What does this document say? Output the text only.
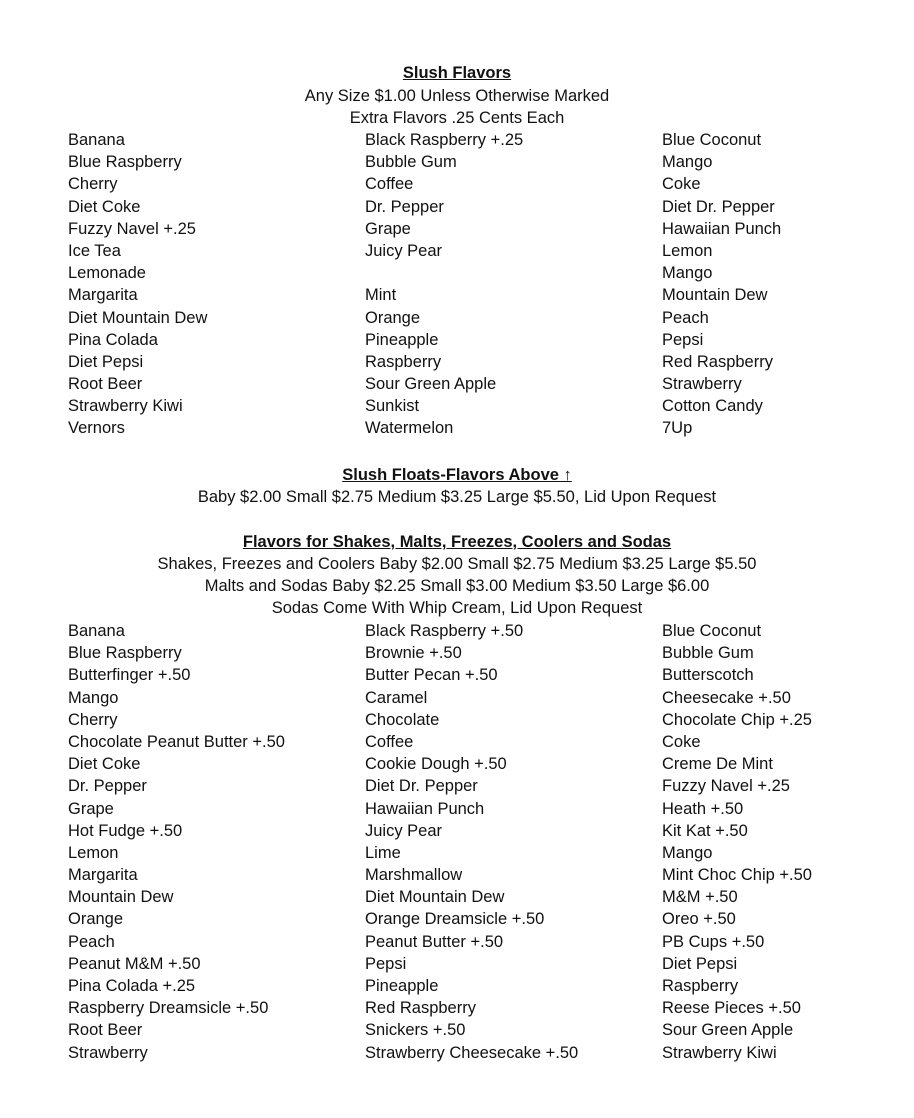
Slush Flavors
Any Size $1.00 Unless Otherwise Marked
Extra Flavors .25 Cents Each
Banana
Blue Raspberry
Cherry
Diet Coke
Fuzzy Navel +.25
Ice Tea
Lemonade
Margarita
Diet Mountain Dew
Pina Colada
Diet Pepsi
Root Beer
Strawberry Kiwi
Vernors
Black Raspberry +.25
Bubble Gum
Coffee
Dr. Pepper
Grape
Juicy Pear
Mint
Orange
Pineapple
Raspberry
Sour Green Apple
Sunkist
Watermelon
Blue Coconut
Mango
Coke
Diet Dr. Pepper
Hawaiian Punch
Lemon
Mango
Mountain Dew
Peach
Pepsi
Red Raspberry
Strawberry
Cotton Candy
7Up
Slush Floats-Flavors Above ↑
Baby $2.00 Small $2.75 Medium $3.25 Large $5.50, Lid Upon Request
Flavors for Shakes, Malts, Freezes, Coolers and Sodas
Shakes, Freezes and Coolers Baby $2.00 Small $2.75 Medium $3.25 Large $5.50
Malts and Sodas Baby $2.25 Small $3.00 Medium $3.50 Large $6.00
Sodas Come With Whip Cream, Lid Upon Request
Banana
Blue Raspberry
Butterfinger +.50
Mango
Cherry
Chocolate Peanut Butter +.50
Diet Coke
Dr. Pepper
Grape
Hot Fudge +.50
Lemon
Margarita
Mountain Dew
Orange
Peach
Peanut M&M +.50
Pina Colada +.25
Raspberry Dreamsicle +.50
Root Beer
Strawberry
Black Raspberry +.50
Brownie +.50
Butter Pecan +.50
Caramel
Chocolate
Coffee
Cookie Dough +.50
Diet Dr. Pepper
Hawaiian Punch
Juicy Pear
Lime
Marshmallow
Diet Mountain Dew
Orange Dreamsicle +.50
Peanut Butter +.50
Pepsi
Pineapple
Red Raspberry
Snickers +.50
Strawberry Cheesecake +.50
Blue Coconut
Bubble Gum
Butterscotch
Cheesecake +.50
Chocolate Chip +.25
Coke
Creme De Mint
Fuzzy Navel +.25
Heath +.50
Kit Kat +.50
Mango
Mint Choc Chip +.50
M&M +.50
Oreo +.50
PB Cups +.50
Diet Pepsi
Raspberry
Reese Pieces +.50
Sour Green Apple
Strawberry Kiwi
